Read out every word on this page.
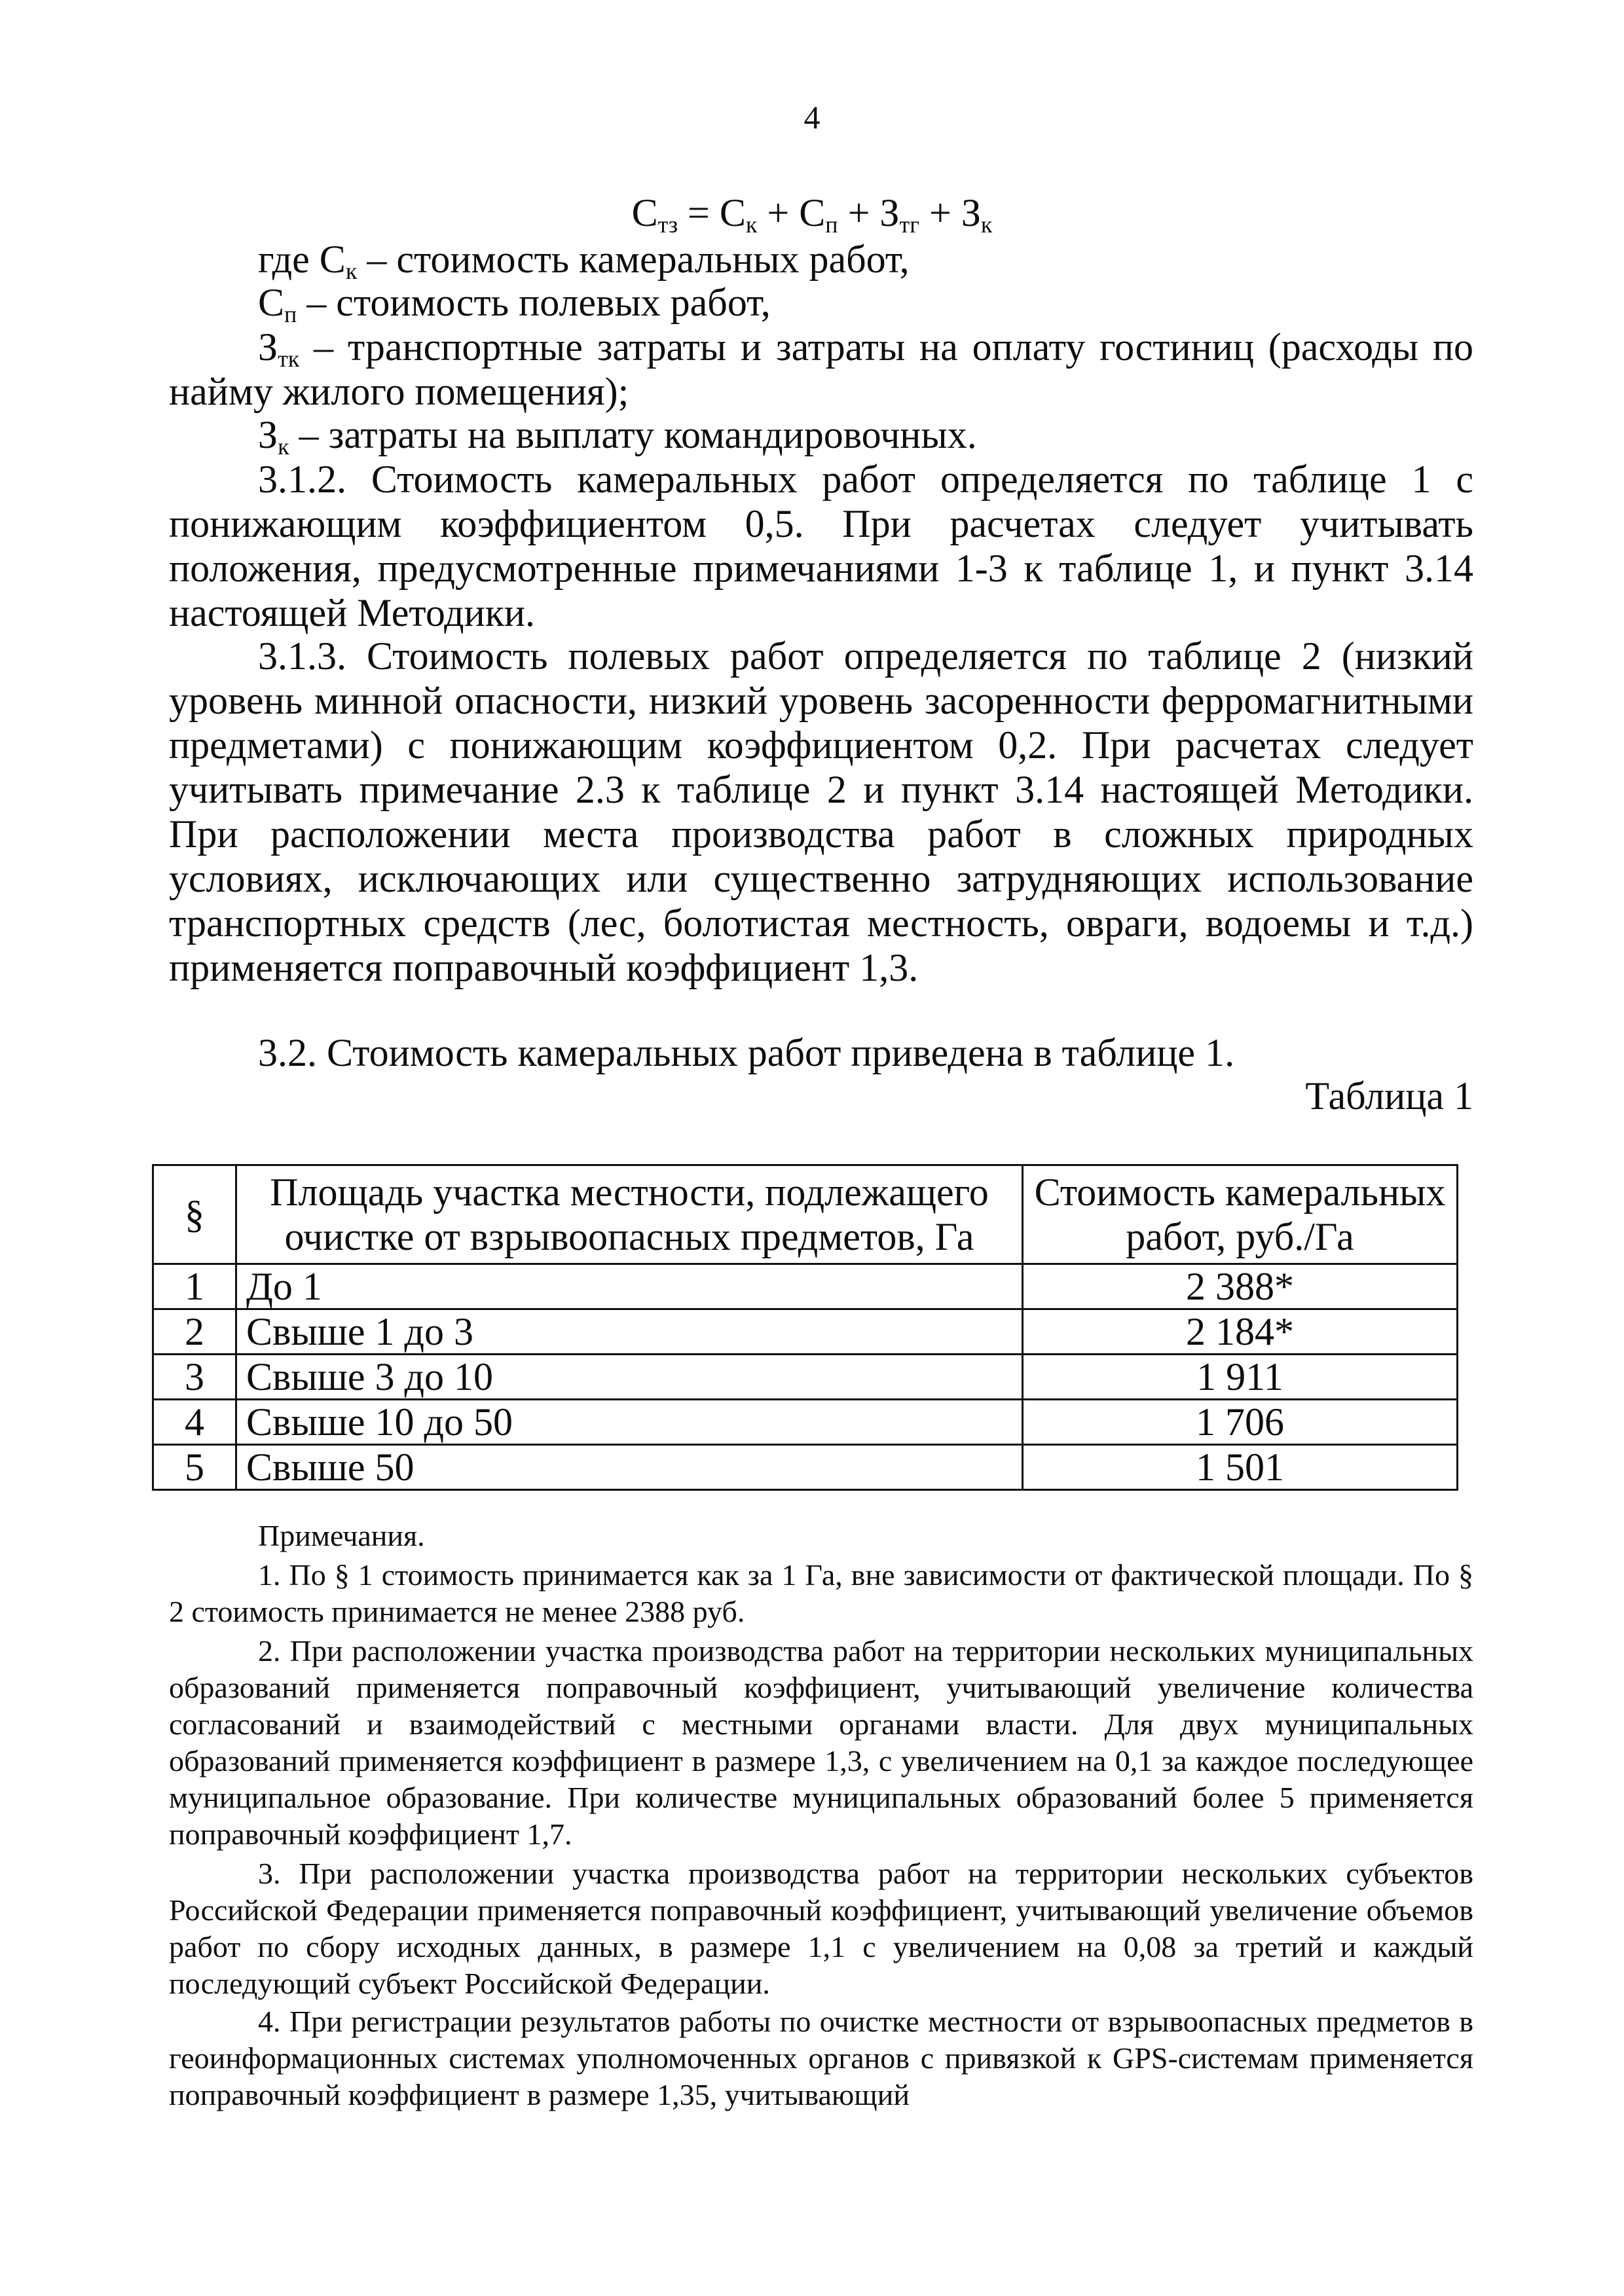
4
$C_{тз} = C_к + C_п + З_{тг} + З_к$
где $C_к$ – стоимость камеральных работ,
$C_п$ – стоимость полевых работ,
$З_{тк}$ – транспортные затраты и затраты на оплату гостиниц (расходы по найму жилого помещения);
$З_к$ – затраты на выплату командировочных.
3.1.2. Стоимость камеральных работ определяется по таблице 1 с понижающим коэффициентом 0,5. При расчетах следует учитывать положения, предусмотренные примечаниями 1-3 к таблице 1, и пункт 3.14 настоящей Методики.
3.1.3. Стоимость полевых работ определяется по таблице 2 (низкий уровень минной опасности, низкий уровень засоренности ферромагнитными предметами) с понижающим коэффициентом 0,2. При расчетах следует учитывать примечание 2.3 к таблице 2 и пункт 3.14 настоящей Методики. При расположении места производства работ в сложных природных условиях, исключающих или существенно затрудняющих использование транспортных средств (лес, болотистая местность, овраги, водоемы и т.д.) применяется поправочный коэффициент 1,3.
3.2. Стоимость камеральных работ приведена в таблице 1.
Таблица 1
§	Площадь участка местности, подлежащего очистке от взрывоопасных предметов, Га	Стоимость камеральных работ, руб./Га
1	До 1	2 388*
2	Свыше 1 до 3	2 184*
3	Свыше 3 до 10	1 911
4	Свыше 10 до 50	1 706
5	Свыше 50	1 501
Примечания.
1. По § 1 стоимость принимается как за 1 Га, вне зависимости от фактической площади. По § 2 стоимость принимается не менее 2388 руб.
2. При расположении участка производства работ на территории нескольких муниципальных образований применяется поправочный коэффициент, учитывающий увеличение количества согласований и взаимодействий с местными органами власти. Для двух муниципальных образований применяется коэффициент в размере 1,3, с увеличением на 0,1 за каждое последующее муниципальное образование. При количестве муниципальных образований более 5 применяется поправочный коэффициент 1,7.
3. При расположении участка производства работ на территории нескольких субъектов Российской Федерации применяется поправочный коэффициент, учитывающий увеличение объемов работ по сбору исходных данных, в размере 1,1 с увеличением на 0,08 за третий и каждый последующий субъект Российской Федерации.
4. При регистрации результатов работы по очистке местности от взрывоопасных предметов в геоинформационных системах уполномоченных органов с привязкой к GPS-системам применяется поправочный коэффициент в размере 1,35, учитывающий
